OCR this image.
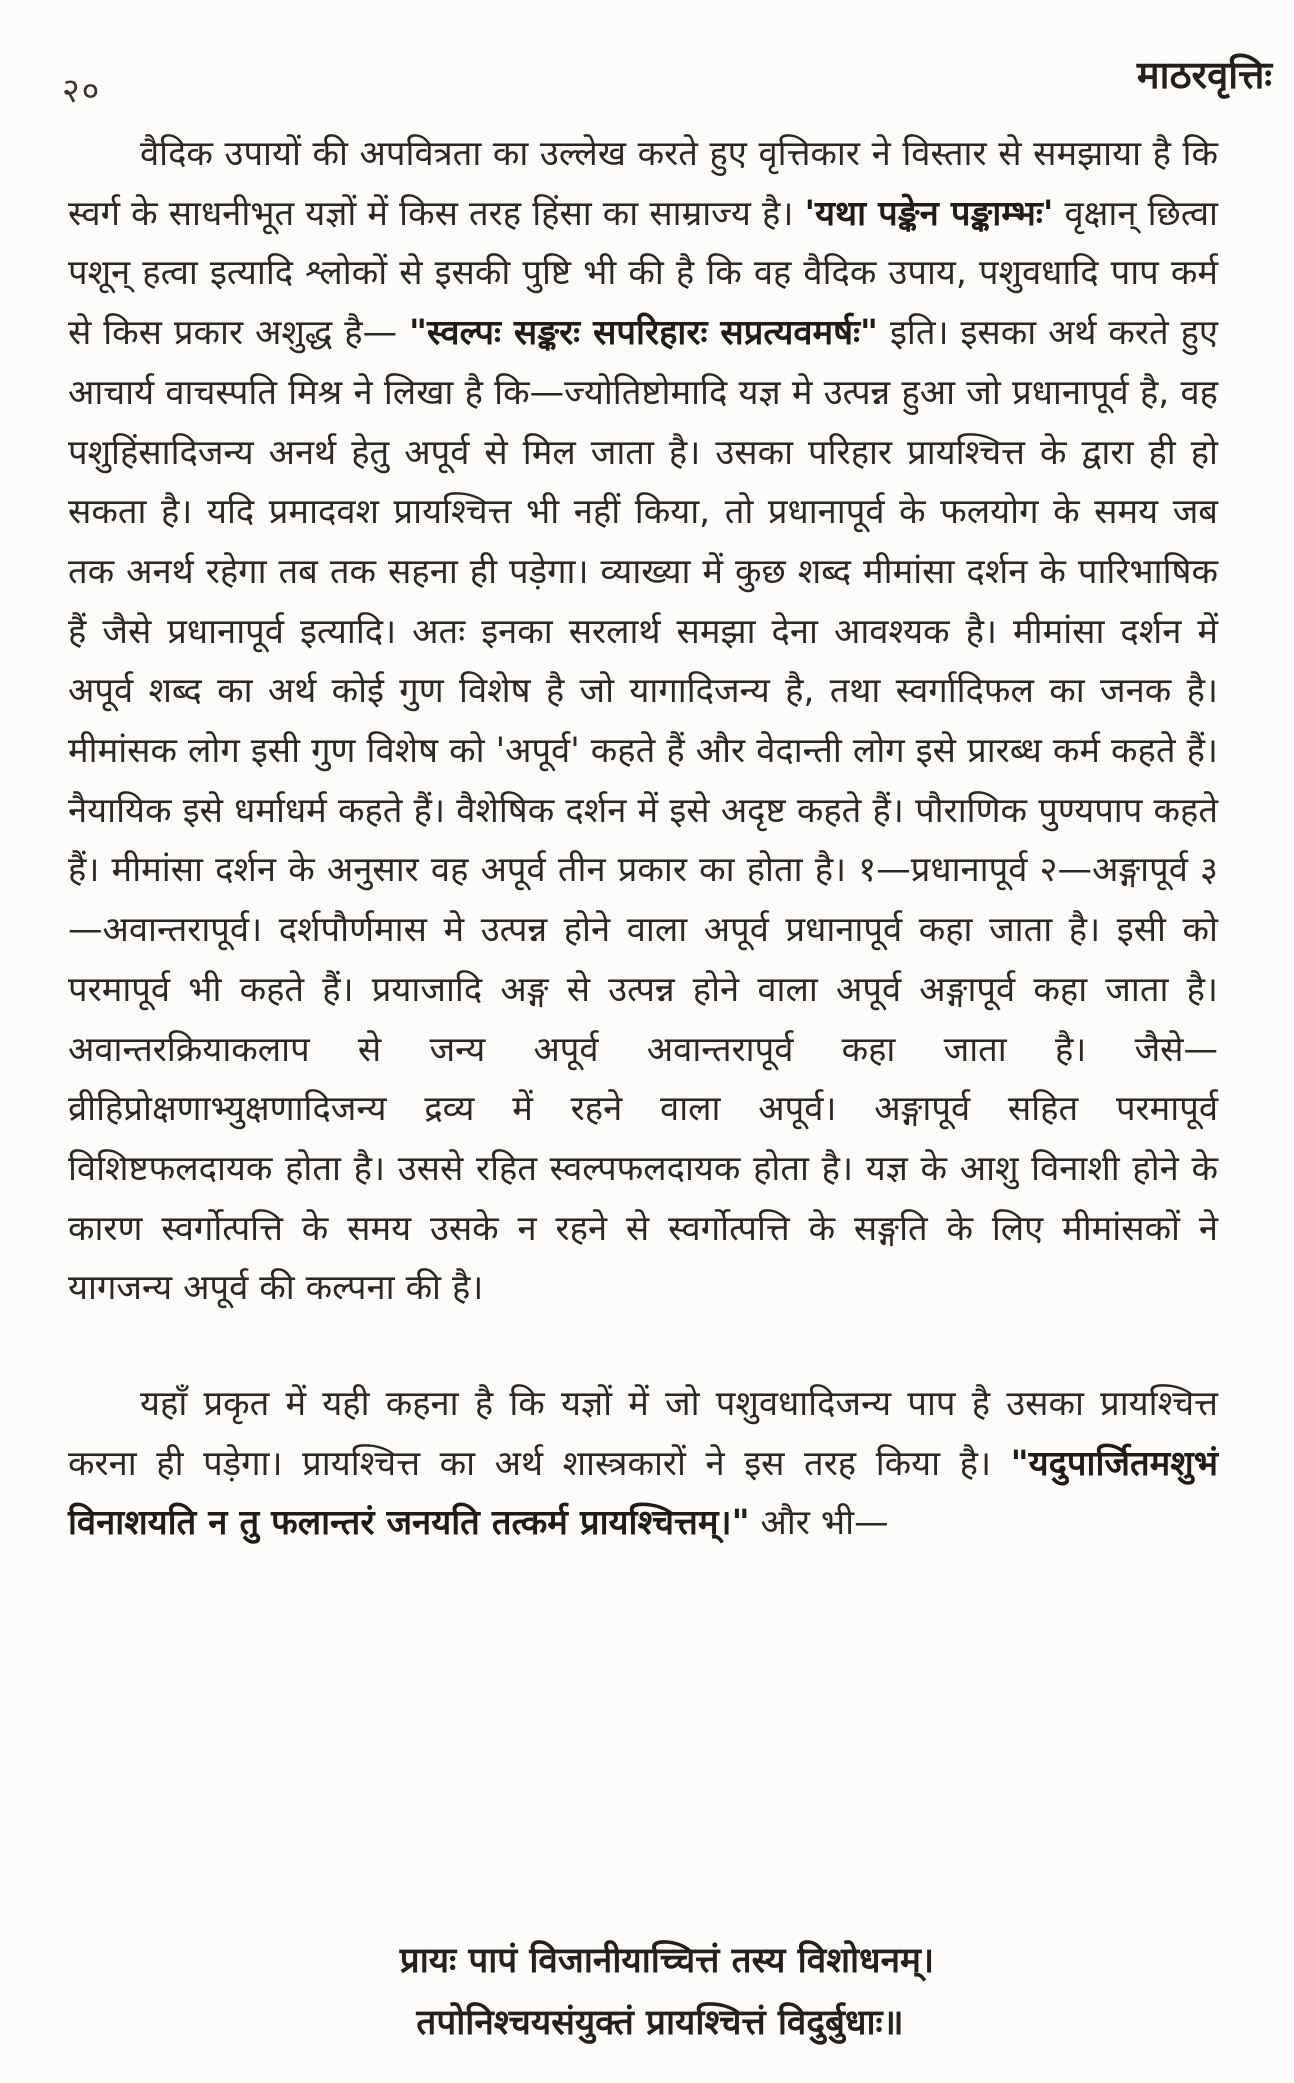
२०	माठरवृत्तिः

वैदिक उपायों की अपवित्रता का उल्लेख करते हुए वृत्तिकार ने विस्तार से समझाया है कि स्वर्ग के साधनीभूत यज्ञों में किस तरह हिंसा का साम्राज्य है। 'यथा पङ्केन पङ्काम्भः' वृक्षान् छित्वा पशून् हत्वा इत्यादि श्लोकों से इसकी पुष्टि भी की है कि वह वैदिक उपाय, पशुवधादि पाप कर्म से किस प्रकार अशुद्ध है— "स्वल्पः सङ्करः सपरिहारः सप्रत्यवमर्षः" इति। इसका अर्थ करते हुए आचार्य वाचस्पति मिश्र ने लिखा है कि—ज्योतिष्टोमादि यज्ञ मे उत्पन्न हुआ जो प्रधानापूर्व है, वह पशुहिंसादिजन्य अनर्थ हेतु अपूर्व से मिल जाता है। उसका परिहार प्रायश्चित्त के द्वारा ही हो सकता है। यदि प्रमादवश प्रायश्चित्त भी नहीं किया, तो प्रधानापूर्व के फलयोग के समय जब तक अनर्थ रहेगा तब तक सहना ही पड़ेगा। व्याख्या में कुछ शब्द मीमांसा दर्शन के पारिभाषिक हैं जैसे प्रधानापूर्व इत्यादि। अतः इनका सरलार्थ समझा देना आवश्यक है। मीमांसा दर्शन में अपूर्व शब्द का अर्थ कोई गुण विशेष है जो यागादिजन्य है, तथा स्वर्गादिफल का जनक है। मीमांसक लोग इसी गुण विशेष को 'अपूर्व' कहते हैं और वेदान्ती लोग इसे प्रारब्ध कर्म कहते हैं। नैयायिक इसे धर्माधर्म कहते हैं। वैशेषिक दर्शन में इसे अदृष्ट कहते हैं। पौराणिक पुण्यपाप कहते हैं। मीमांसा दर्शन के अनुसार वह अपूर्व तीन प्रकार का होता है। १—प्रधानापूर्व २—अङ्गापूर्व ३—अवान्तरापूर्व। दर्शपौर्णमास मे उत्पन्न होने वाला अपूर्व प्रधानापूर्व कहा जाता है। इसी को परमापूर्व भी कहते हैं। प्रयाजादि अङ्ग से उत्पन्न होने वाला अपूर्व अङ्गापूर्व कहा जाता है। अवान्तरक्रियाकलाप से जन्य अपूर्व अवान्तरापूर्व कहा जाता है। जैसे—व्रीहिप्रोक्षणाभ्युक्षणादिजन्य द्रव्य में रहने वाला अपूर्व। अङ्गापूर्व सहित परमापूर्व विशिष्टफलदायक होता है। उससे रहित स्वल्पफलदायक होता है। यज्ञ के आशु विनाशी होने के कारण स्वर्गोत्पत्ति के समय उसके न रहने से स्वर्गोत्पत्ति के सङ्गति के लिए मीमांसकों ने यागजन्य अपूर्व की कल्पना की है।

यहाँ प्रकृत में यही कहना है कि यज्ञों में जो पशुवधादिजन्य पाप है उसका प्रायश्चित्त करना ही पड़ेगा। प्रायश्चित्त का अर्थ शास्त्रकारों ने इस तरह किया है। "यदुपार्जितमशुभं विनाशयति न तु फलान्तरं जनयति तत्कर्म प्रायश्चित्तम्।" और भी—

प्रायः पापं विजानीयाच्चित्तं तस्य विशोधनम्।
तपोनिश्चयसंयुक्तं प्रायश्चित्तं विदुर्बुधाः॥
